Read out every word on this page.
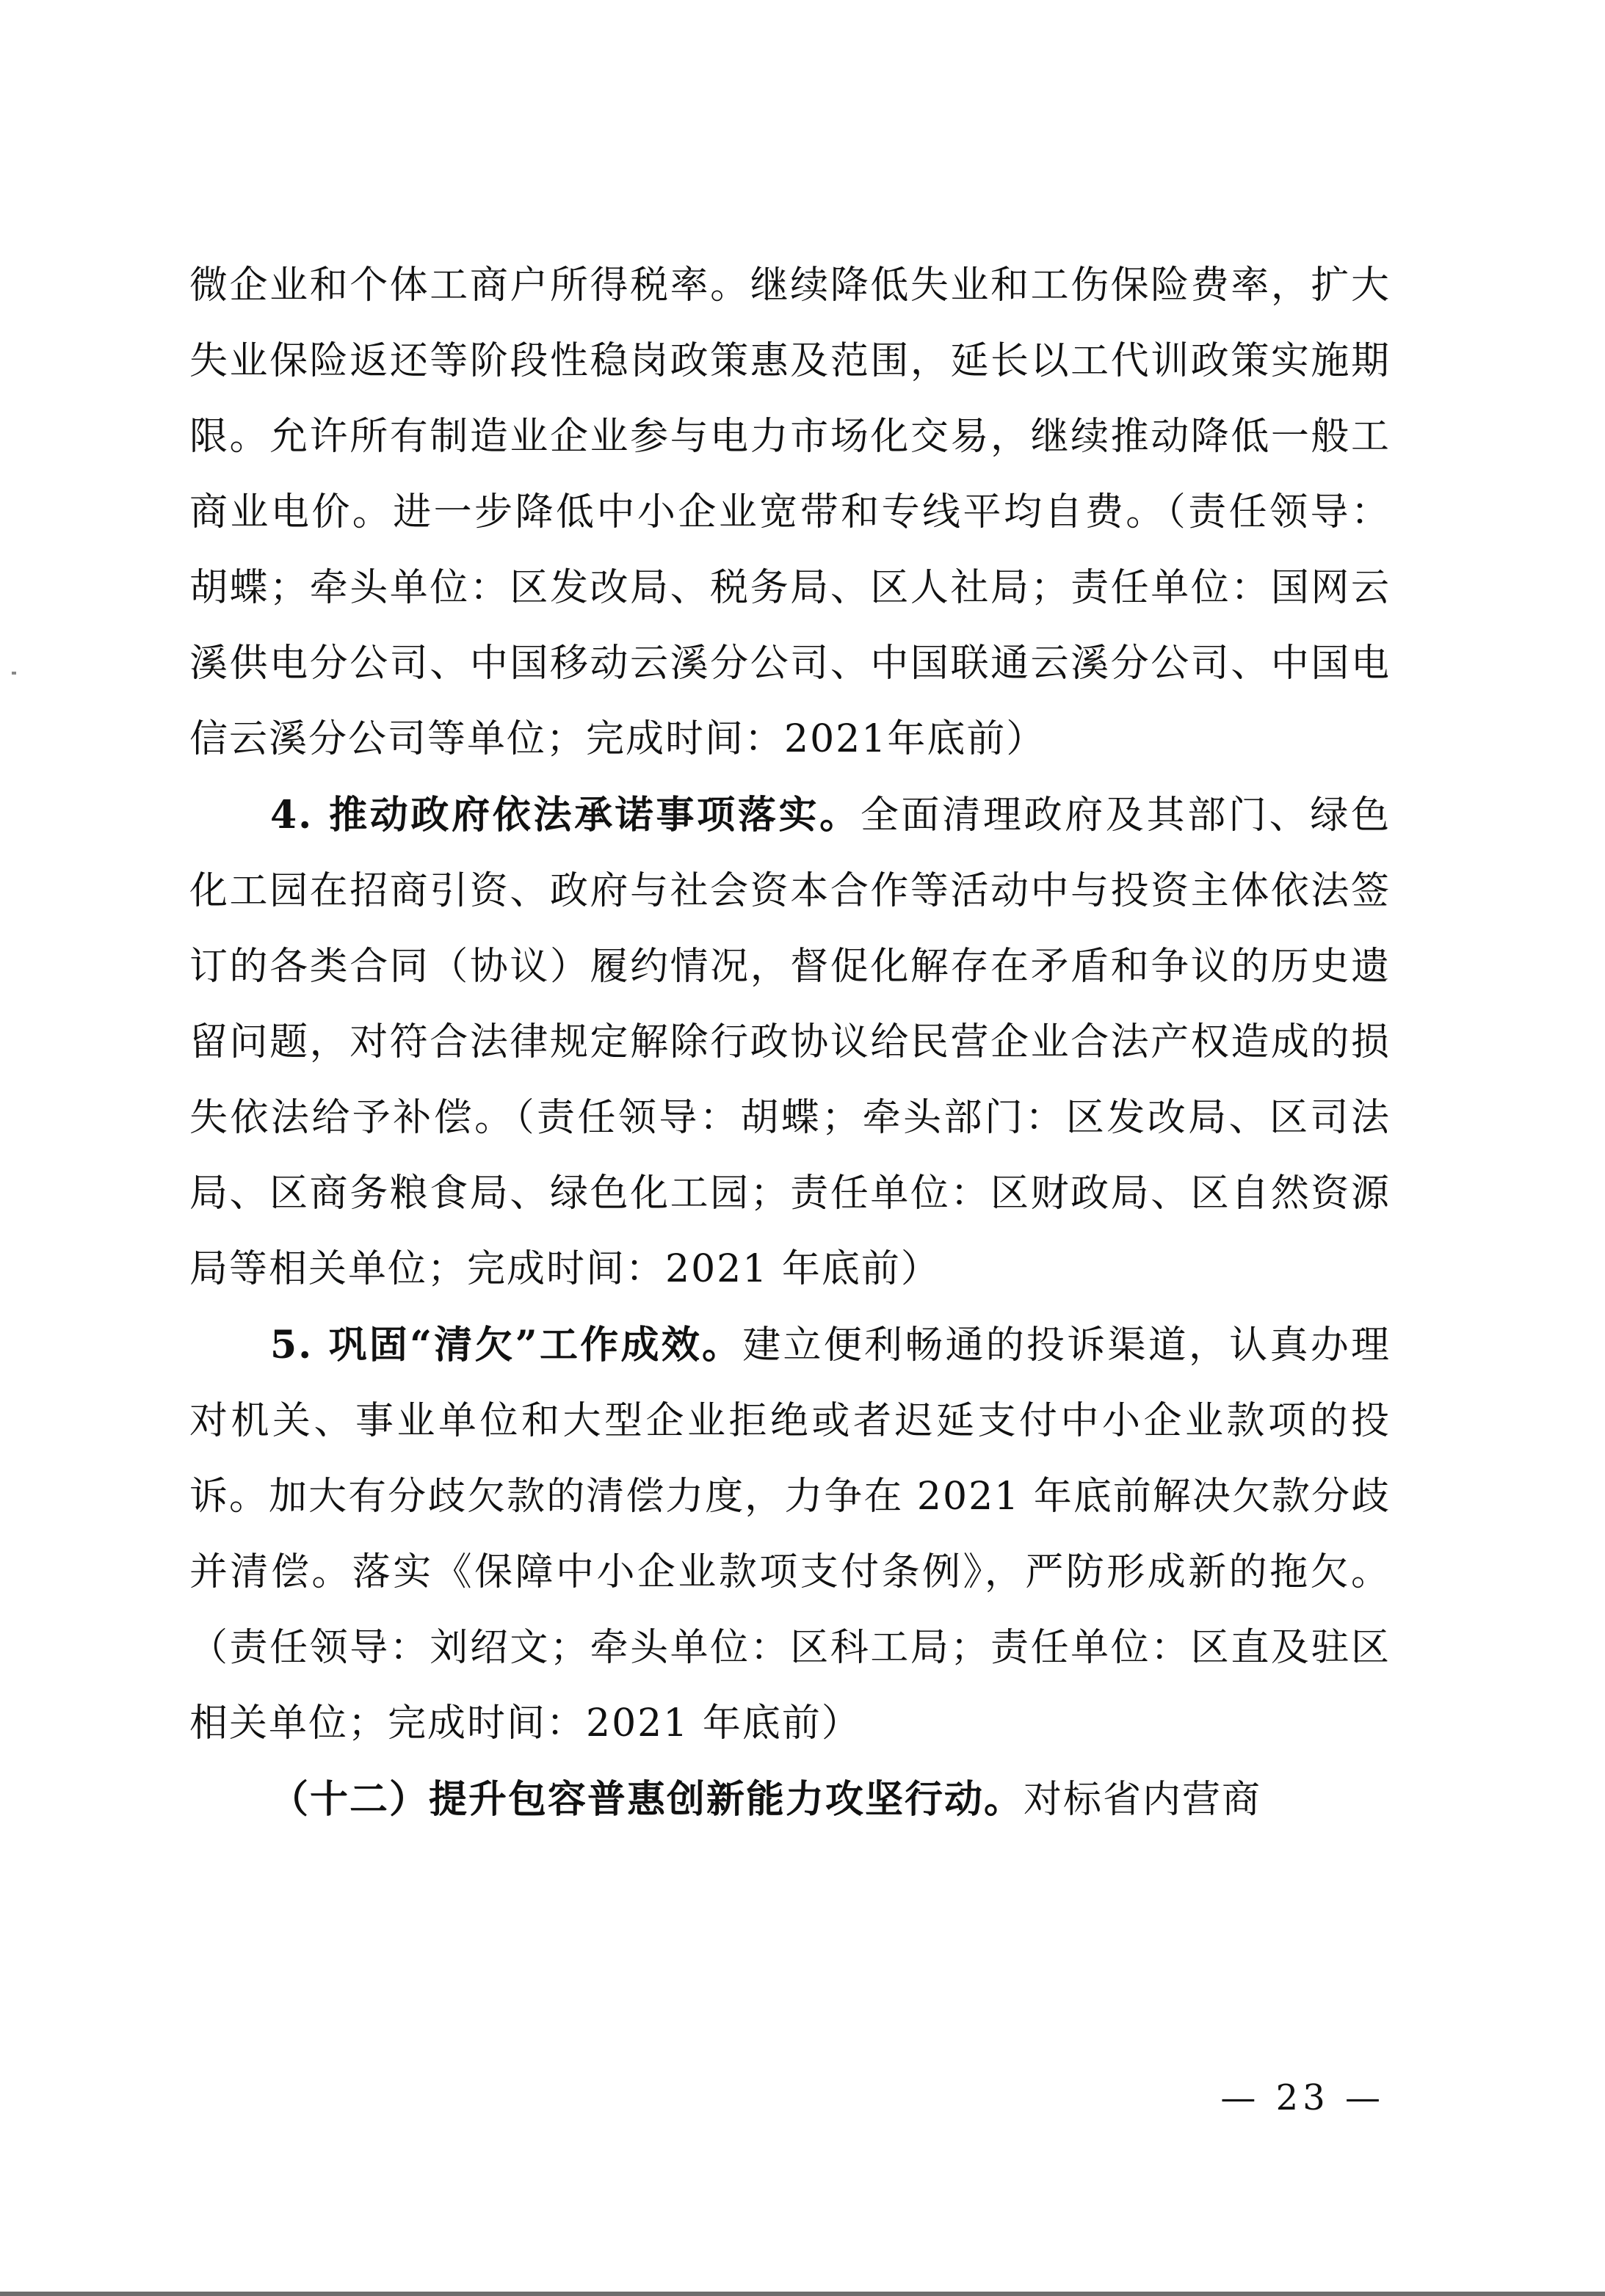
微企业和个体工商户所得税率。继续降低失业和工伤保险费率，扩大失业保险返还等阶段性稳岗政策惠及范围，延长以工代训政策实施期限。允许所有制造业企业参与电力市场化交易，继续推动降低一般工商业电价。进一步降低中小企业宽带和专线平均自费。（责任领导：胡蝶；牵头单位：区发改局、税务局、区人社局；责任单位：国网云溪供电分公司、中国移动云溪分公司、中国联通云溪分公司、中国电信云溪分公司等单位；完成时间：2021年底前）

4. 推动政府依法承诺事项落实。全面清理政府及其部门、绿色化工园在招商引资、政府与社会资本合作等活动中与投资主体依法签订的各类合同（协议）履约情况，督促化解存在矛盾和争议的历史遗留问题，对符合法律规定解除行政协议给民营企业合法产权造成的损失依法给予补偿。（责任领导：胡蝶；牵头部门：区发改局、区司法局、区商务粮食局、绿色化工园；责任单位：区财政局、区自然资源局等相关单位；完成时间：2021 年底前）

5. 巩固“清欠”工作成效。建立便利畅通的投诉渠道，认真办理对机关、事业单位和大型企业拒绝或者迟延支付中小企业款项的投诉。加大有分歧欠款的清偿力度，力争在 2021 年底前解决欠款分歧并清偿。落实《保障中小企业款项支付条例》，严防形成新的拖欠。（责任领导：刘绍文；牵头单位：区科工局；责任单位：区直及驻区相关单位；完成时间：2021 年底前）

（十二）提升包容普惠创新能力攻坚行动。对标省内营商

— 23 —
